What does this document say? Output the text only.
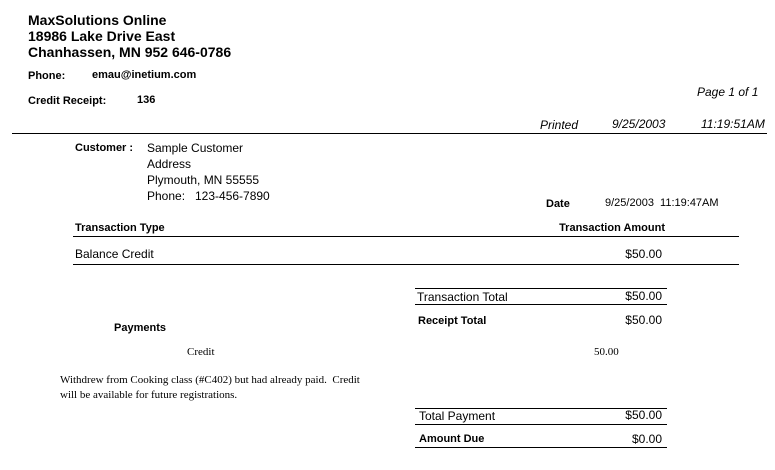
MaxSolutions Online
18986 Lake Drive East
Chanhassen, MN 952 646-0786
Phone: emau@inetium.com
Credit Receipt:	136
Page 1 of 1
Printed	9/25/2003	11:19:51AM
Customer : Sample Customer
Address
Plymouth, MN 55555
Phone: 123-456-7890
Date	9/25/2003  11:19:47AM
Transaction Type	Transaction Amount
Balance Credit	$50.00
Transaction Total	$50.00
Receipt Total	$50.00
Payments
Credit	50.00
Withdrew from Cooking class (#C402) but had already paid.  Credit
will be available for future registrations.
Total Payment	$50.00
Amount Due	$0.00
